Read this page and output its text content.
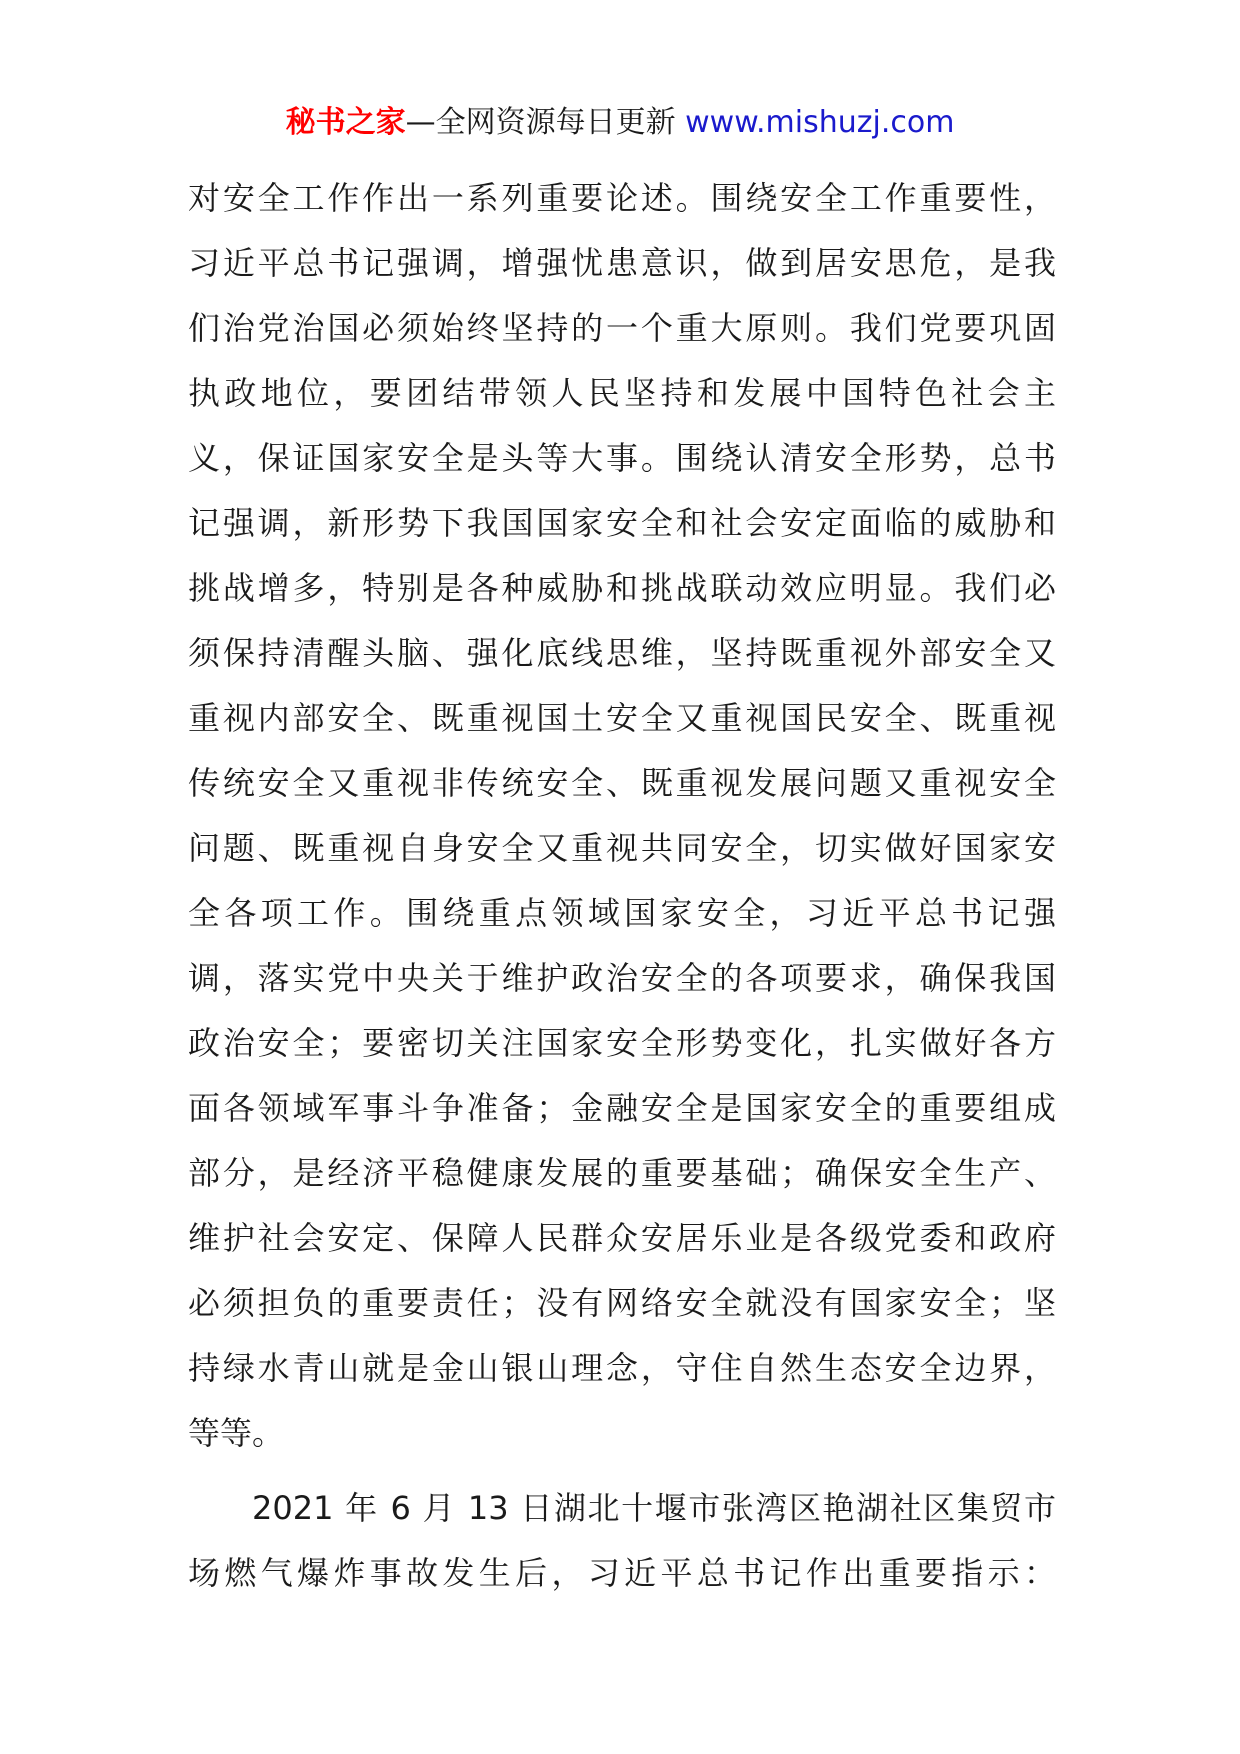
秘书之家—全网资源每日更新 www.mishuzj.com
对安全工作作出一系列重要论述。围绕安全工作重要性，
习近平总书记强调，增强忧患意识，做到居安思危，是我
们治党治国必须始终坚持的一个重大原则。我们党要巩固
执政地位，要团结带领人民坚持和发展中国特色社会主
义，保证国家安全是头等大事。围绕认清安全形势，总书
记强调，新形势下我国国家安全和社会安定面临的威胁和
挑战增多，特别是各种威胁和挑战联动效应明显。我们必
须保持清醒头脑、强化底线思维，坚持既重视外部安全又
重视内部安全、既重视国土安全又重视国民安全、既重视
传统安全又重视非传统安全、既重视发展问题又重视安全
问题、既重视自身安全又重视共同安全，切实做好国家安
全各项工作。围绕重点领域国家安全，习近平总书记强
调，落实党中央关于维护政治安全的各项要求，确保我国
政治安全；要密切关注国家安全形势变化，扎实做好各方
面各领域军事斗争准备；金融安全是国家安全的重要组成
部分，是经济平稳健康发展的重要基础；确保安全生产、
维护社会安定、保障人民群众安居乐业是各级党委和政府
必须担负的重要责任；没有网络安全就没有国家安全；坚
持绿水青山就是金山银山理念，守住自然生态安全边界，
等等。
2021 年 6 月 13 日湖北十堰市张湾区艳湖社区集贸市
场燃气爆炸事故发生后，习近平总书记作出重要指示：
